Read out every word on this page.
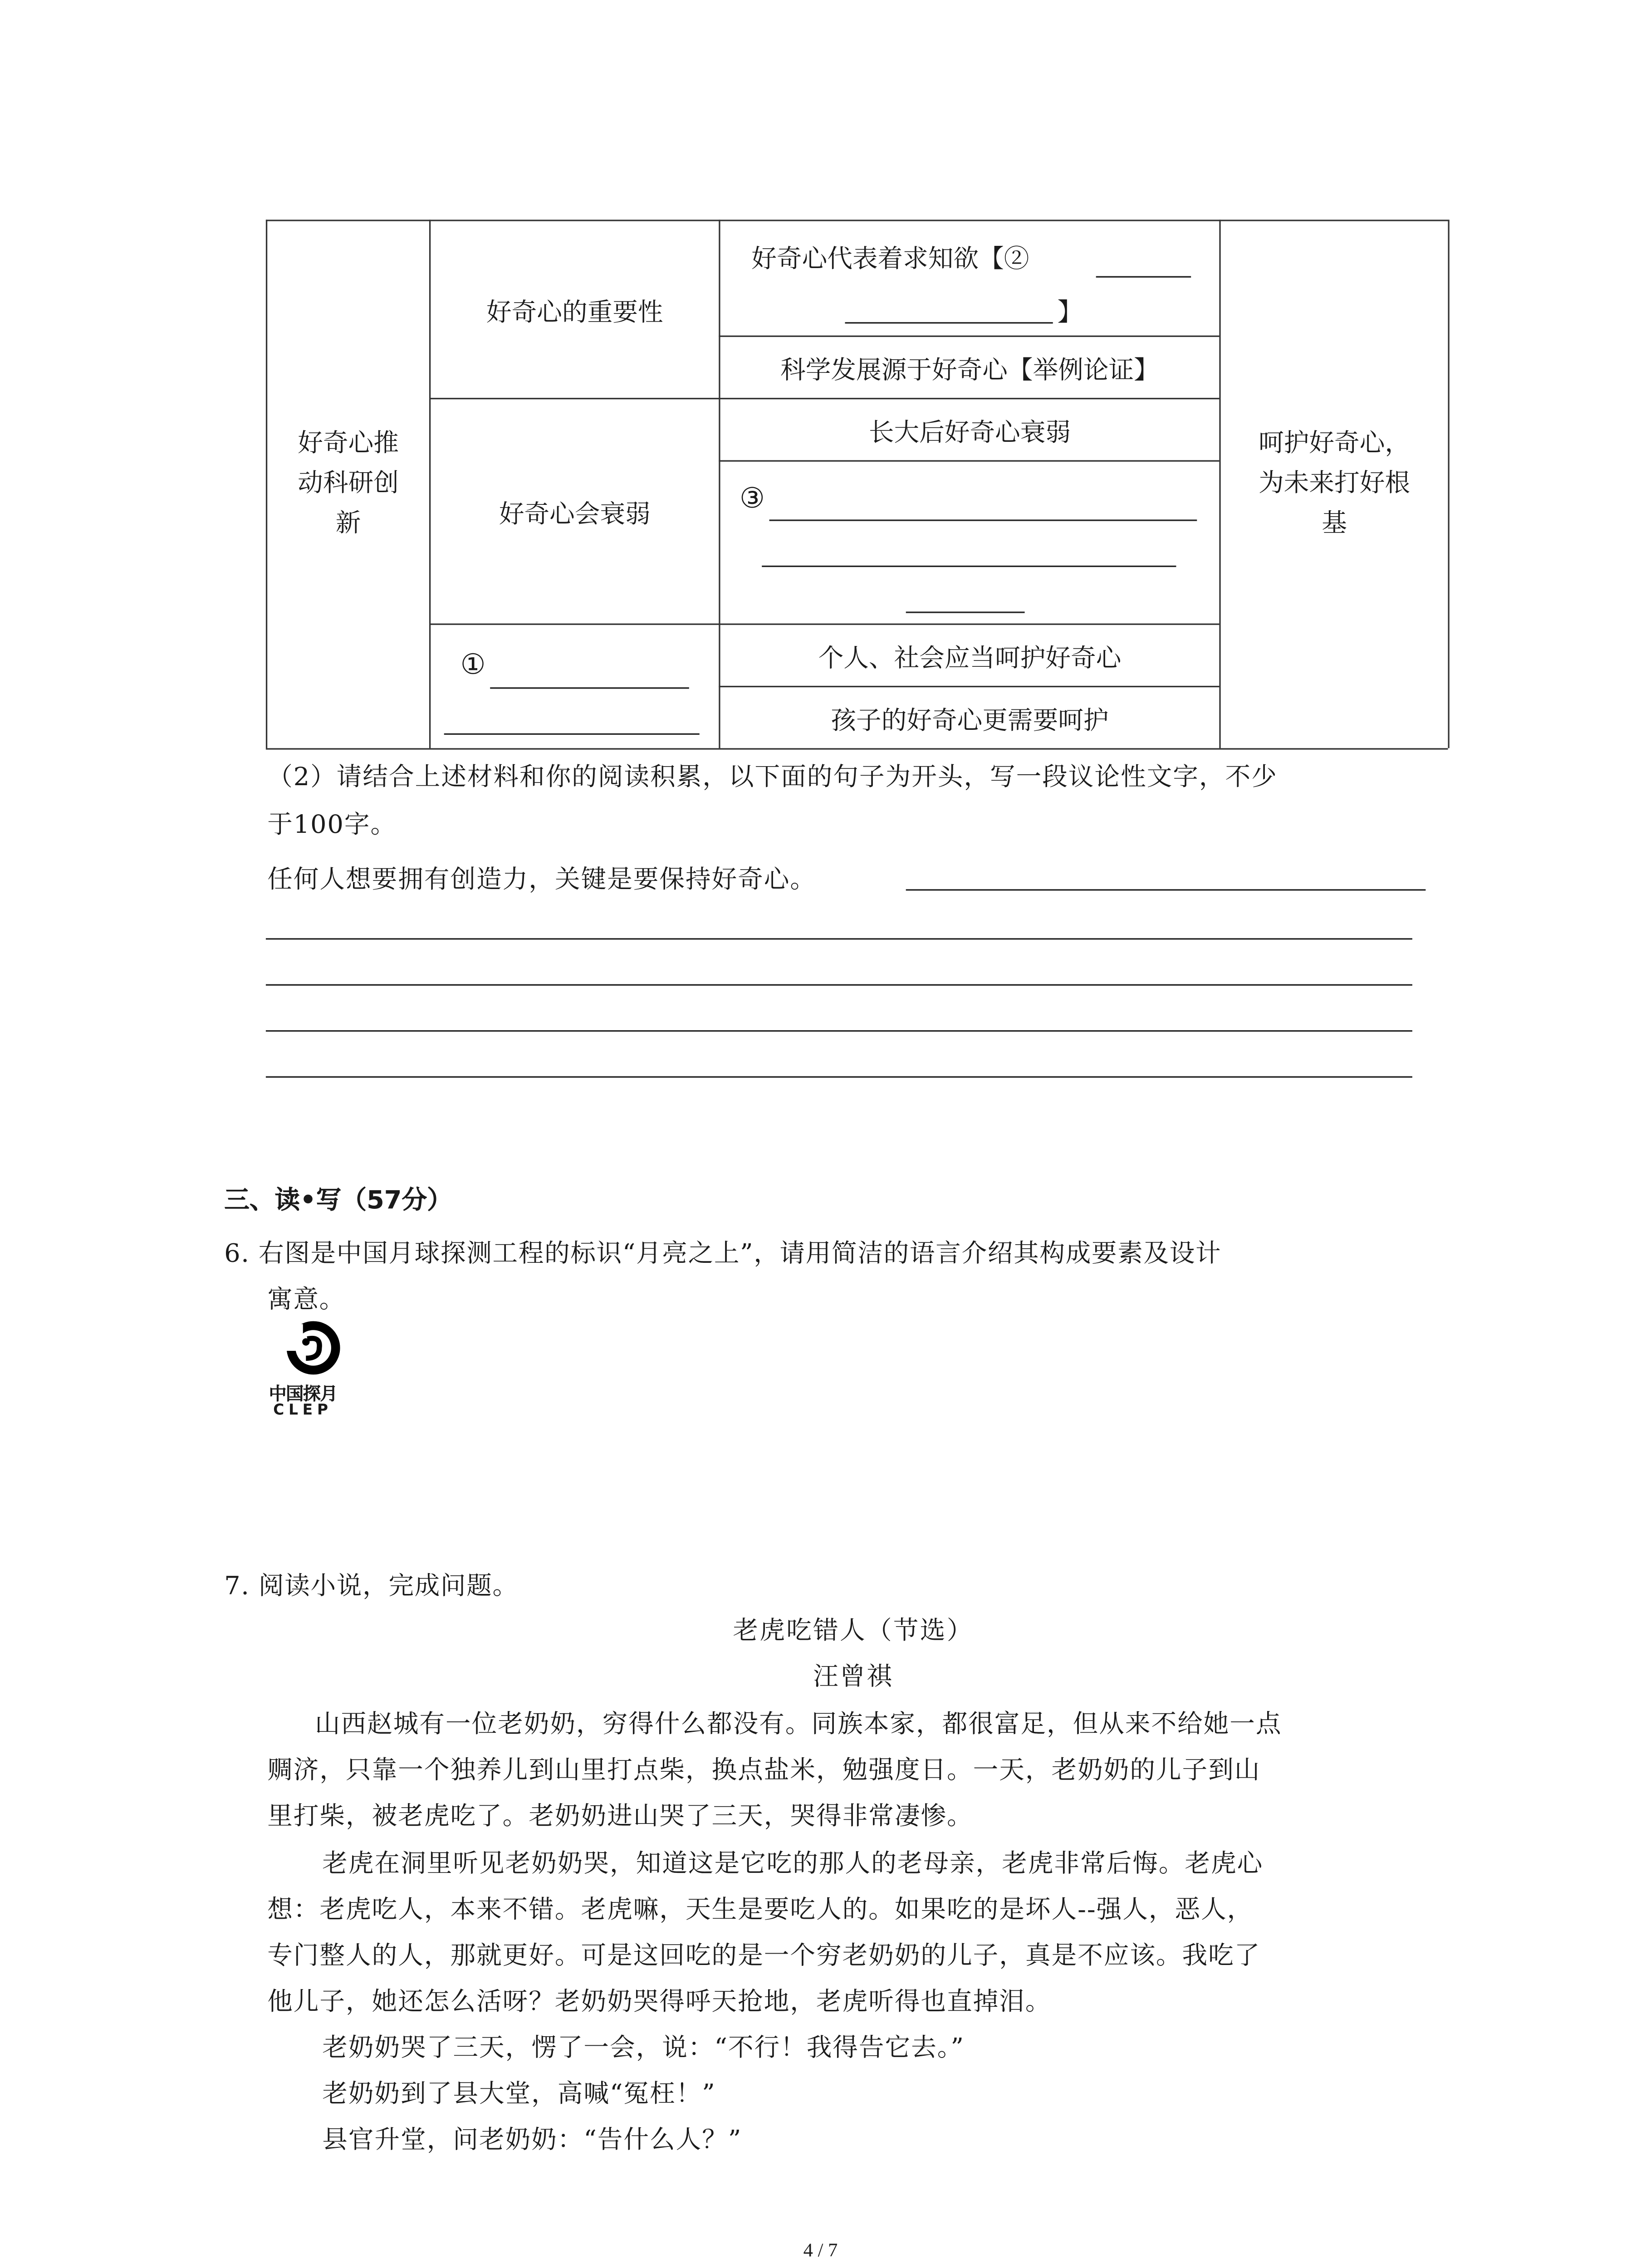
好奇心推
动科研创
新
好奇心的重要性
好奇心代表着求知欲【②
】
科学发展源于好奇心【举例论证】
好奇心会衰弱
长大后好奇心衰弱
③
①	个人、社会应当呵护好奇心
孩子的好奇心更需要呵护
呵护好奇心，
为未来打好根
基
（2）请结合上述材料和你的阅读积累，以下面的句子为开头，写一段议论性文字，不少
于100字。
任何人想要拥有创造力，关键是要保持好奇心。
三、读•写（57分）
6. 右图是中国月球探测工程的标识“月亮之上”，请用简洁的语言介绍其构成要素及设计
寓意。
中国探月
CLEP
7. 阅读小说，完成问题。
老虎吃错人（节选）
汪曾祺
山西赵城有一位老奶奶，穷得什么都没有。同族本家，都很富足，但从来不给她一点
赒济，只靠一个独养儿到山里打点柴，换点盐米，勉强度日。一天，老奶奶的儿子到山
里打柴，被老虎吃了。老奶奶进山哭了三天，哭得非常凄惨。
老虎在洞里听见老奶奶哭，知道这是它吃的那人的老母亲，老虎非常后悔。老虎心
想：老虎吃人，本来不错。老虎嘛，天生是要吃人的。如果吃的是坏人--强人，恶人，
专门整人的人，那就更好。可是这回吃的是一个穷老奶奶的儿子，真是不应该。我吃了
他儿子，她还怎么活呀？老奶奶哭得呼天抢地，老虎听得也直掉泪。
老奶奶哭了三天，愣了一会，说：“不行！我得告它去。”
老奶奶到了县大堂，高喊“冤枉！”
县官升堂，问老奶奶：“告什么人？”
4 / 7
